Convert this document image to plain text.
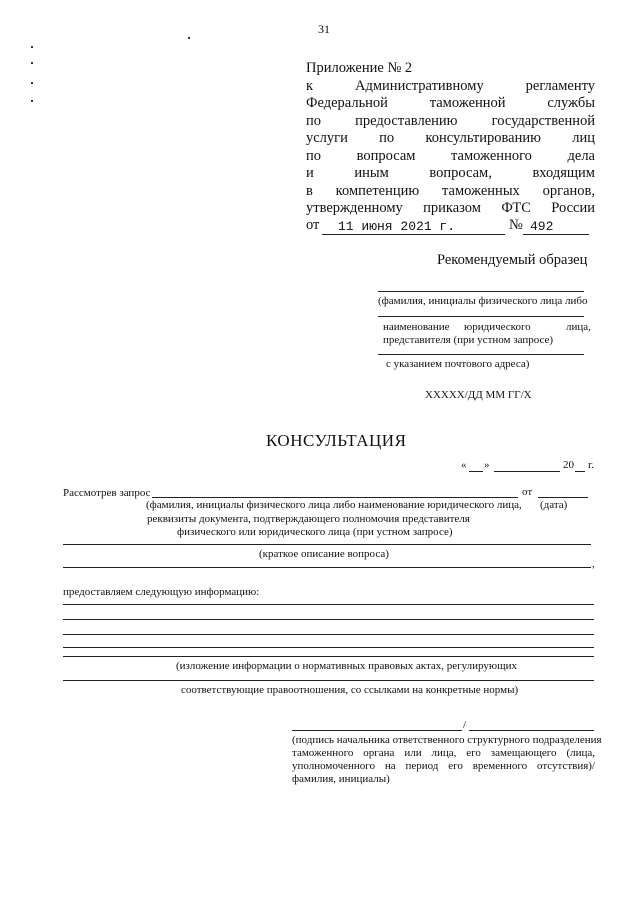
31
Приложение № 2
к Административному регламенту
Федеральной таможенной службы
по предоставлению государственной
услуги по консультированию лиц
по вопросам таможенного дела
и иным вопросам, входящим
в компетенцию таможенных органов,
утвержденному приказом ФТС России
от 11 июня 2021 г.	№ 492
Рекомендуемый образец
(фамилия, инициалы физического лица либо
наименование юридического	лица,
представителя (при устном запросе)
с указанием почтового адреса)
XXXXX/ДД ММ ГГ/X
КОНСУЛЬТАЦИЯ
« »	20 г.
Рассмотрев запрос	от
(фамилия, инициалы физического лица либо наименование юридического лица, (дата)
реквизиты документа, подтверждающего полномочия представителя
физического или юридического лица (при устном запросе)
(краткое описание вопроса)
,
предоставляем следующую информацию:
(изложение информации о нормативных правовых актах, регулирующих
соответствующие правоотношения, со ссылками на конкретные нормы)
/
(подпись начальника ответственного структурного подразделения
таможенного органа или лица, его замещающего (лица,
уполномоченного на период его временного отсутствия)/
фамилия, инициалы)
